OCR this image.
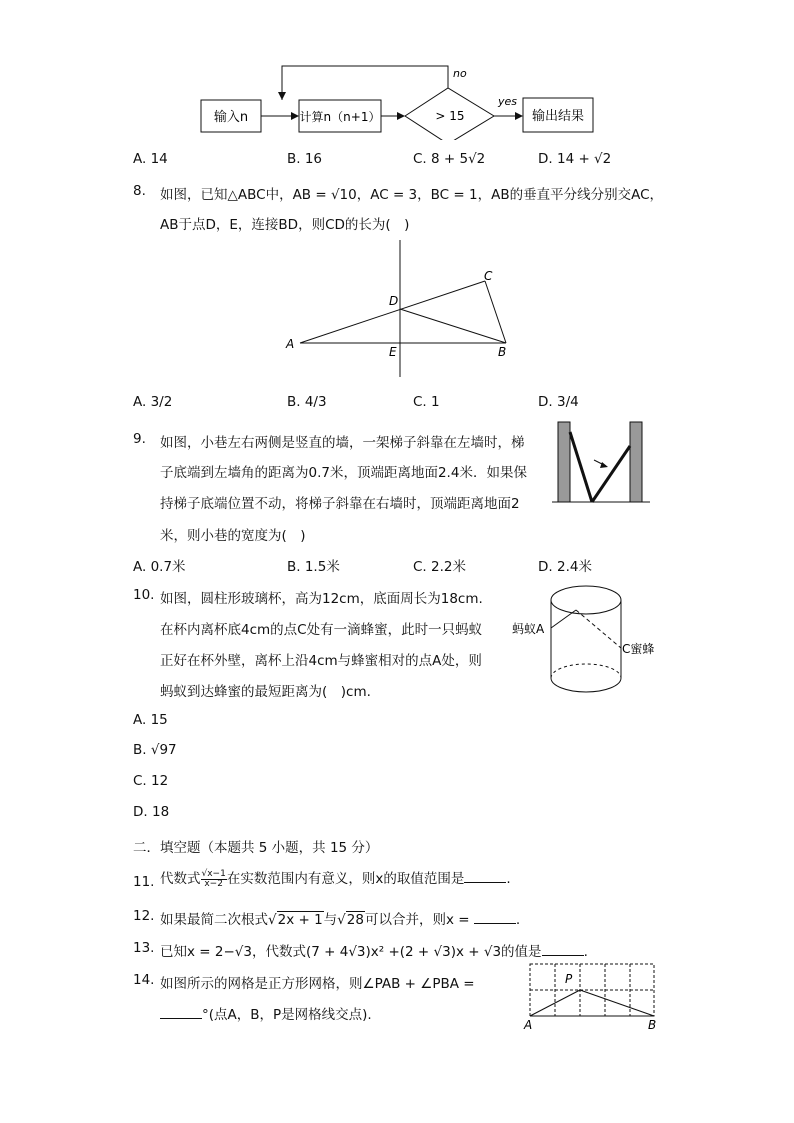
输入n	计算n（n+1）	> 15
yes
输出结果
no
A. 14	B. 16	C. 8 + 5√2	D. 14 + √2
8. 如图，已知△ABC中，AB = √10，AC = 3，BC = 1，AB的垂直平分线分别交AC，
AB于点D，E，连接BD，则CD的长为(　)
A
B
C
D
E
A. 3/2	B. 4/3	C. 1	D. 3/4
9. 如图，小巷左右两侧是竖直的墙，一架梯子斜靠在左墙时，梯
子底端到左墙角的距离为0.7米，顶端距离地面2.4米．如果保
持梯子底端位置不动，将梯子斜靠在右墙时，顶端距离地面2
米，则小巷的宽度为(　)
A. 0.7米	B. 1.5米	C. 2.2米	D. 2.4米
10. 如图，圆柱形玻璃杯，高为12cm，底面周长为18cm.
在杯内离杯底4cm的点C处有一滴蜂蜜，此时一只蚂蚁
正好在杯外壁，离杯上沿4cm与蜂蜜相对的点A处，则
蚂蚁到达蜂蜜的最短距离为(　)cm.
蚂蚁A
C蜜蜂
A. 15
B. √97
C. 12
D. 18
二．填空题（本题共 5 小题，共 15 分）
11. 代数式 $\frac{√x-1}{x-2}$ 在实数范围内有意义，则x的取值范围是	.
12. 如果最简二次根式√2x + 1与√28可以合并，则x =	.
13. 已知x = 2−√3，代数式(7 + 4√3)x² +(2 + √3)x + √3的值是	.
14. 如图所示的网格是正方形网格，则∠PAB + ∠PBA =
°(点A，B，P是网格线交点).
P
A	B
